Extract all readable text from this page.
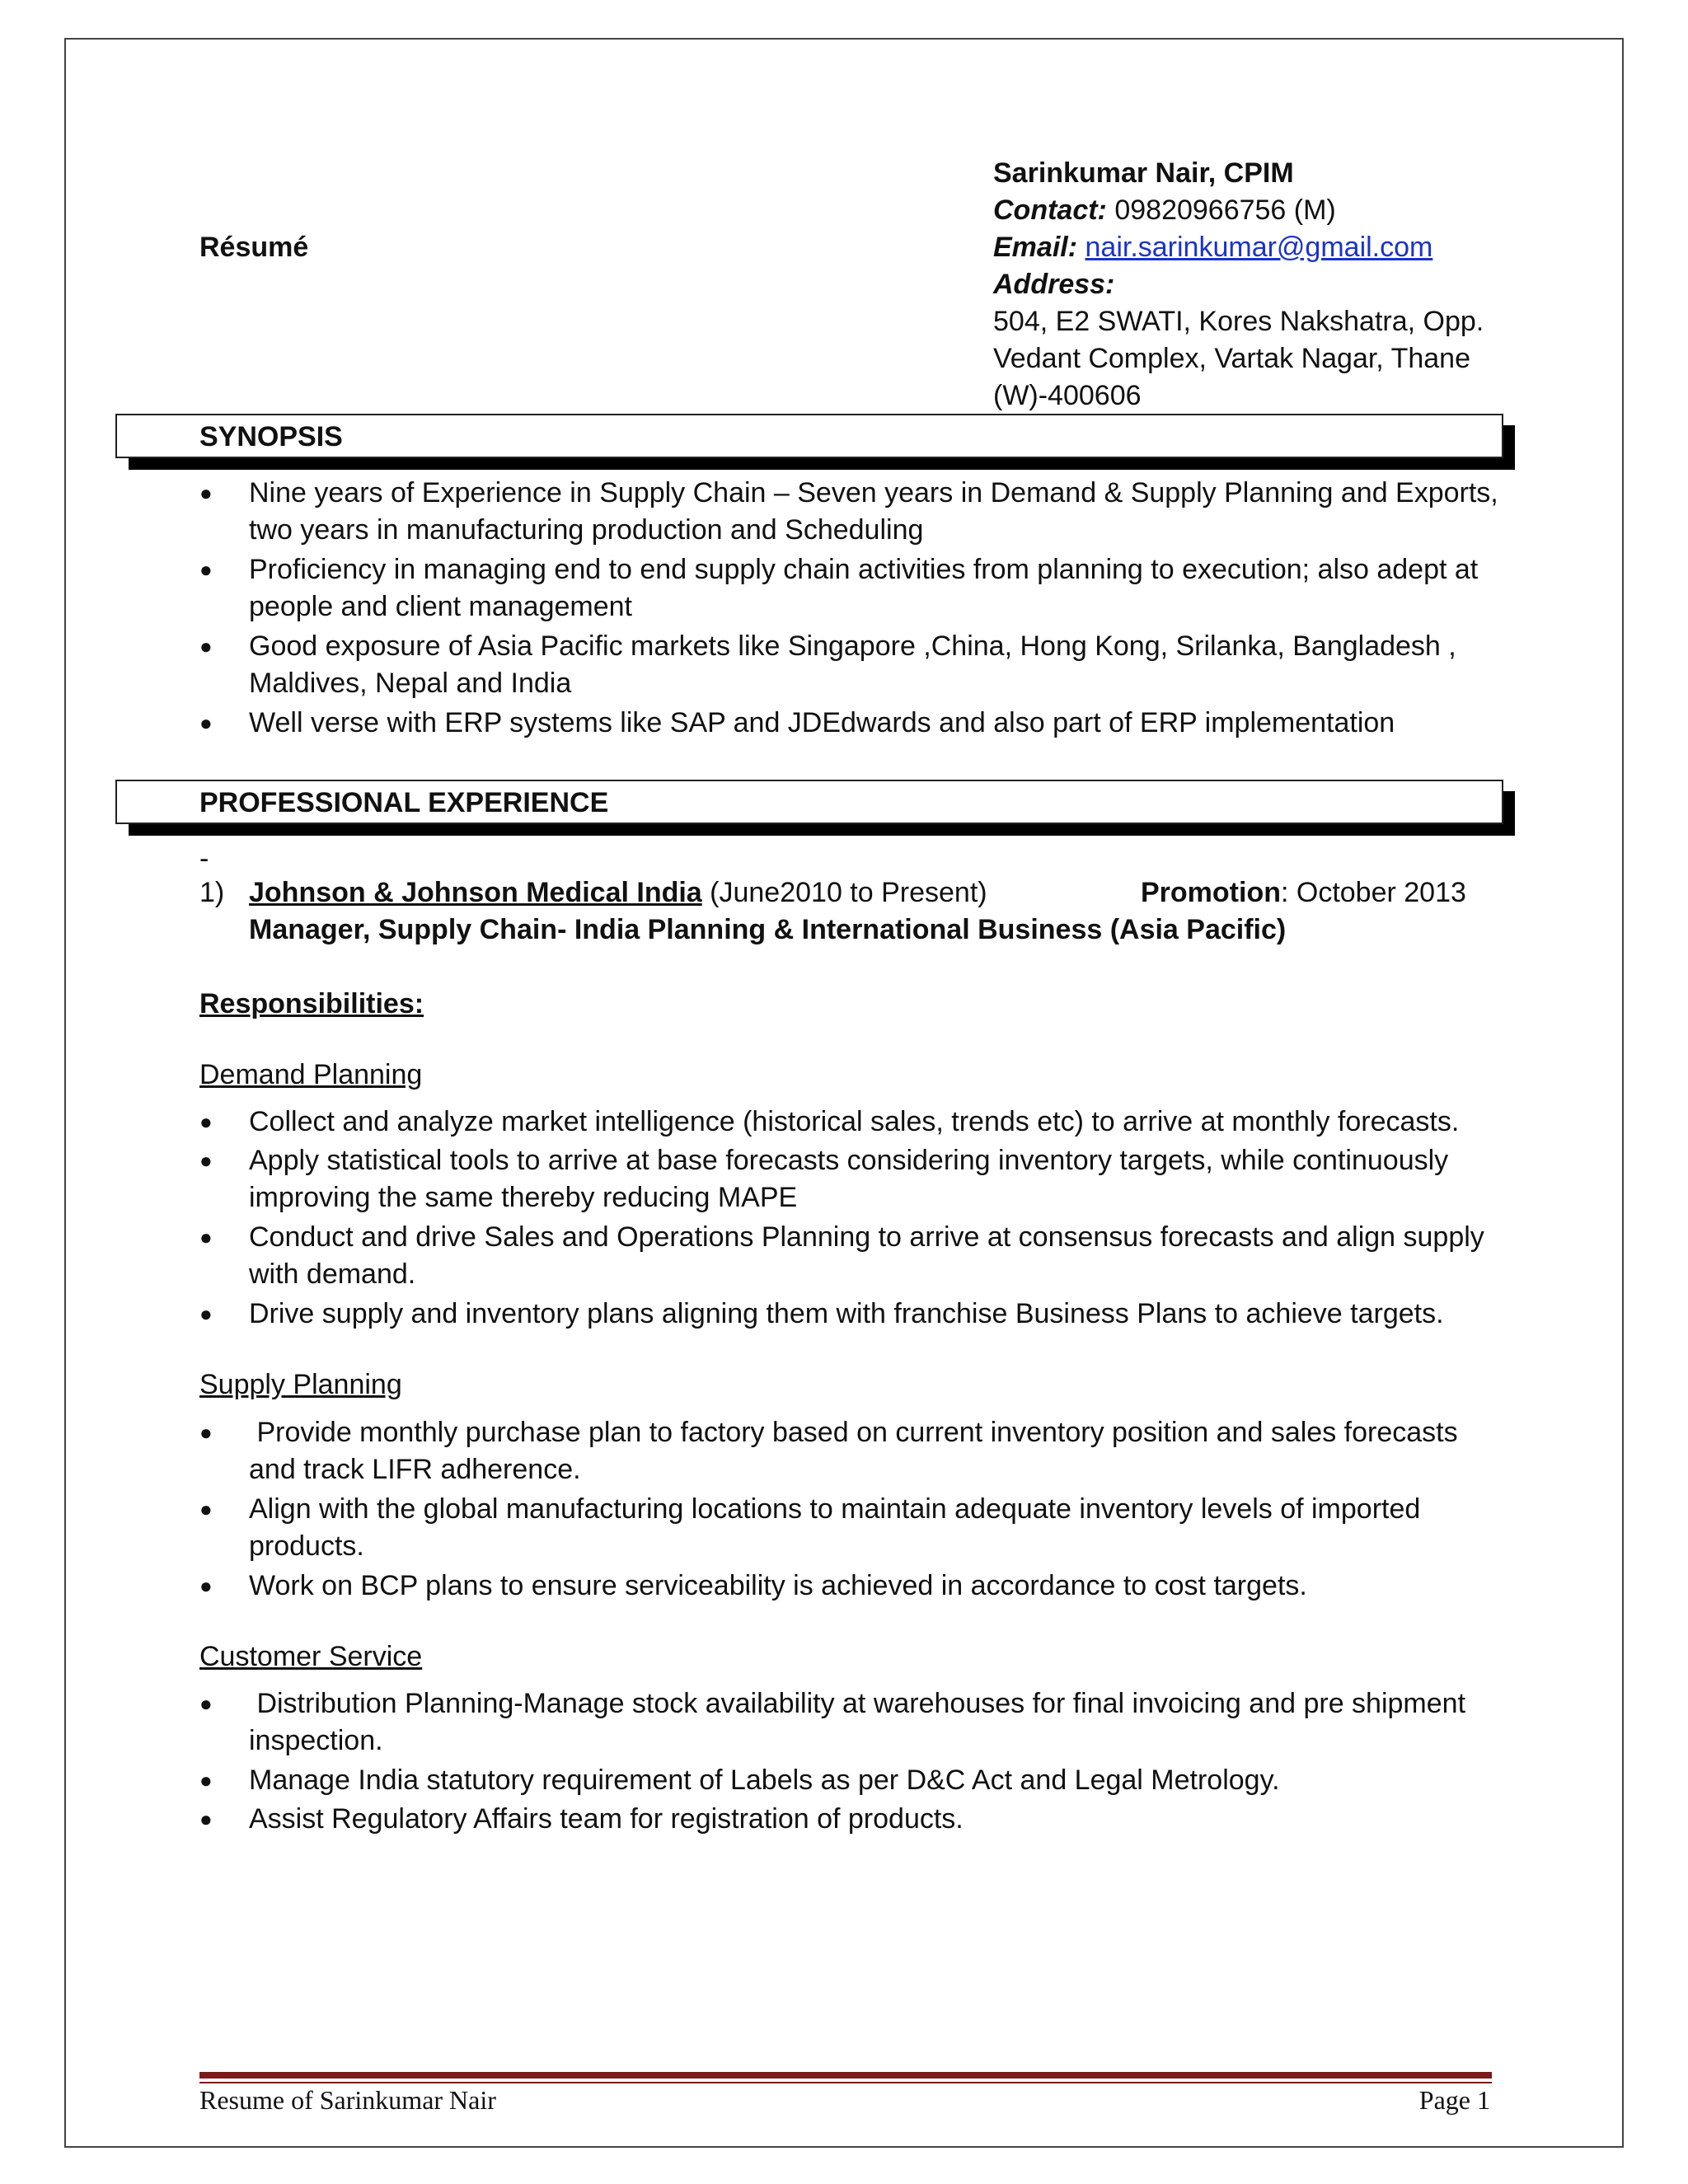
Résumé
Sarinkumar Nair, CPIM
Contact: 09820966756 (M)
Email: nair.sarinkumar@gmail.com
Address:
504, E2 SWATI, Kores Nakshatra, Opp.
Vedant Complex, Vartak Nagar, Thane
(W)-400606
SYNOPSIS
● Nine years of Experience in Supply Chain – Seven years in Demand & Supply Planning and Exports,
two years in manufacturing production and Scheduling
● Proficiency in managing end to end supply chain activities from planning to execution; also adept at
people and client management
● Good exposure of Asia Pacific markets like Singapore ,China, Hong Kong, Srilanka, Bangladesh ,
Maldives, Nepal and India
● Well verse with ERP systems like SAP and JDEdwards and also part of ERP implementation
PROFESSIONAL EXPERIENCE
-
1) Johnson & Johnson Medical India (June2010 to Present)	Promotion: October 2013
Manager, Supply Chain- India Planning & International Business (Asia Pacific)
Responsibilities:
Demand Planning
● Collect and analyze market intelligence (historical sales, trends etc) to arrive at monthly forecasts.
● Apply statistical tools to arrive at base forecasts considering inventory targets, while continuously
improving the same thereby reducing MAPE
● Conduct and drive Sales and Operations Planning to arrive at consensus forecasts and align supply
with demand.
● Drive supply and inventory plans aligning them with franchise Business Plans to achieve targets.
Supply Planning
● Provide monthly purchase plan to factory based on current inventory position and sales forecasts
and track LIFR adherence.
● Align with the global manufacturing locations to maintain adequate inventory levels of imported
products.
● Work on BCP plans to ensure serviceability is achieved in accordance to cost targets.
Customer Service
● Distribution Planning-Manage stock availability at warehouses for final invoicing and pre shipment
inspection.
● Manage India statutory requirement of Labels as per D&C Act and Legal Metrology.
● Assist Regulatory Affairs team for registration of products.
Resume of Sarinkumar Nair	Page 1
